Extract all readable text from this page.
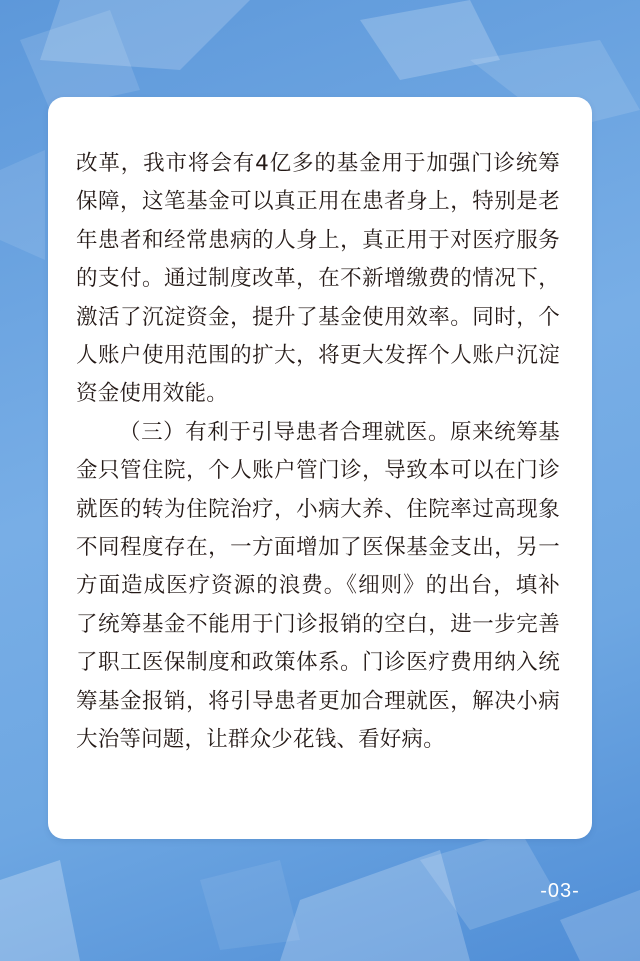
改革，我市将会有4亿多的基金用于加强门诊统筹保障，这笔基金可以真正用在患者身上，特别是老年患者和经常患病的人身上，真正用于对医疗服务的支付。通过制度改革，在不新增缴费的情况下，激活了沉淀资金，提升了基金使用效率。同时，个人账户使用范围的扩大，将更大发挥个人账户沉淀资金使用效能。

（三）有利于引导患者合理就医。原来统筹基金只管住院，个人账户管门诊，导致本可以在门诊就医的转为住院治疗，小病大养、住院率过高现象不同程度存在，一方面增加了医保基金支出，另一方面造成医疗资源的浪费。《细则》的出台，填补了统筹基金不能用于门诊报销的空白，进一步完善了职工医保制度和政策体系。门诊医疗费用纳入统筹基金报销，将引导患者更加合理就医，解决小病大治等问题，让群众少花钱、看好病。

-03-
